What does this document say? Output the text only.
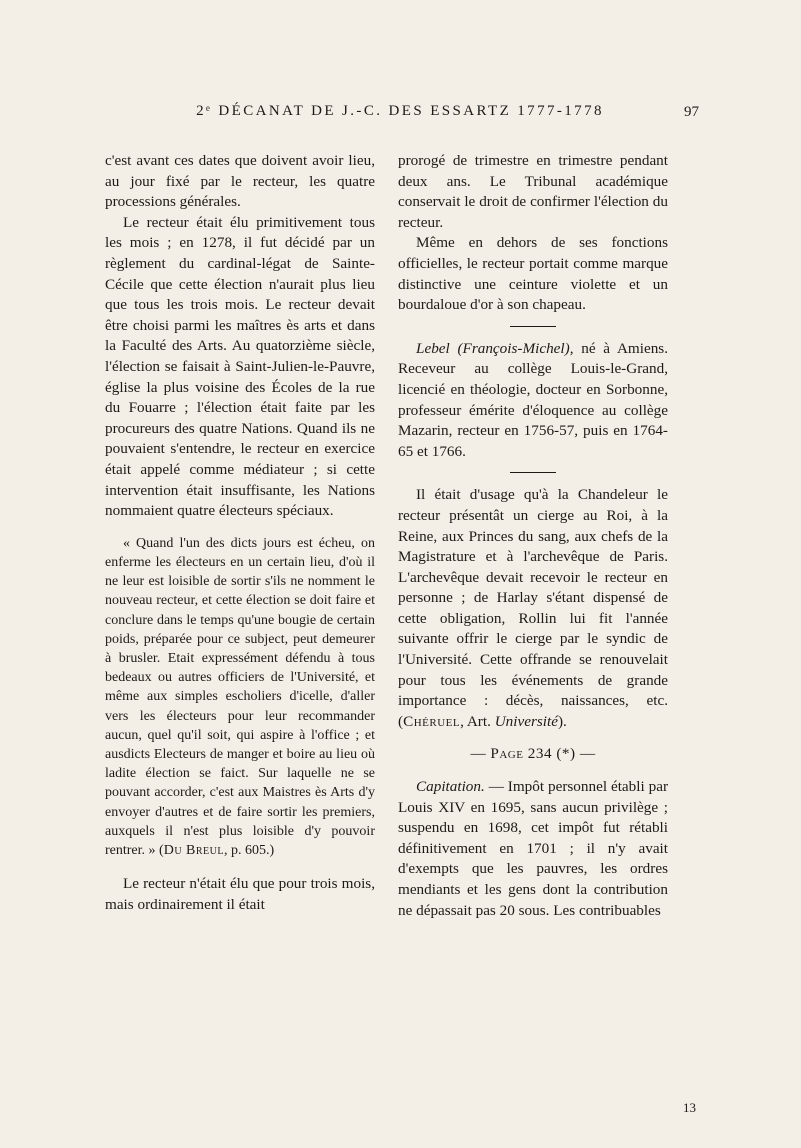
2ᵉ DÉCANAT DE J.-C. DES ESSARTZ 1777-1778	97

c'est avant ces dates que doivent avoir lieu, au jour fixé par le recteur, les quatre processions générales.

Le recteur était élu primitivement tous les mois ; en 1278, il fut décidé par un règlement du cardinal-légat de Sainte-Cécile que cette élection n'aurait plus lieu que tous les trois mois. Le recteur devait être choisi parmi les maîtres ès arts et dans la Faculté des Arts. Au quatorzième siècle, l'élection se faisait à Saint-Julien-le-Pauvre, église la plus voisine des Écoles de la rue du Fouarre ; l'élection était faite par les procureurs des quatre Nations. Quand ils ne pouvaient s'entendre, le recteur en exercice était appelé comme médiateur ; si cette intervention était insuffisante, les Nations nommaient quatre électeurs spéciaux.

« Quand l'un des dicts jours est écheu, on enferme les électeurs en un certain lieu, d'où il ne leur est loisible de sortir s'ils ne nomment le nouveau recteur, et cette élection se doit faire et conclure dans le temps qu'une bougie de certain poids, préparée pour ce subject, peut demeurer à brusler. Etait expressément défendu à tous bedeaux ou autres officiers de l'Université, et même aux simples escholiers d'icelle, d'aller vers les électeurs pour leur recommander aucun, quel qu'il soit, qui aspire à l'office ; et ausdicts Electeurs de manger et boire au lieu où ladite élection se faict. Sur laquelle ne se pouvant accorder, c'est aux Maistres ès Arts d'y envoyer d'autres et de faire sortir les premiers, auxquels il n'est plus loisible d'y pouvoir rentrer. » (Du Breul, p. 605.)

Le recteur n'était élu que pour trois mois, mais ordinairement il était

prorogé de trimestre en trimestre pendant deux ans. Le Tribunal académique conservait le droit de confirmer l'élection du recteur.

Même en dehors de ses fonctions officielles, le recteur portait comme marque distinctive une ceinture violette et un bourdaloue d'or à son chapeau.

Lebel (François-Michel), né à Amiens. Receveur au collège Louis-le-Grand, licencié en théologie, docteur en Sorbonne, professeur émérite d'éloquence au collège Mazarin, recteur en 1756-57, puis en 1764-65 et 1766.

Il était d'usage qu'à la Chandeleur le recteur présentât un cierge au Roi, à la Reine, aux Princes du sang, aux chefs de la Magistrature et à l'archevêque de Paris. L'archevêque devait recevoir le recteur en personne ; de Harlay s'étant dispensé de cette obligation, Rollin lui fit l'année suivante offrir le cierge par le syndic de l'Université. Cette offrande se renouvelait pour tous les événements de grande importance : décès, naissances, etc. (Chéruel, Art. Université).

— Page 234 (*) —

Capitation. — Impôt personnel établi par Louis XIV en 1695, sans aucun privilège ; suspendu en 1698, cet impôt fut rétabli définitivement en 1701 ; il n'y avait d'exempts que les pauvres, les ordres mendiants et les gens dont la contribution ne dépassait pas 20 sous. Les contribuables

13
